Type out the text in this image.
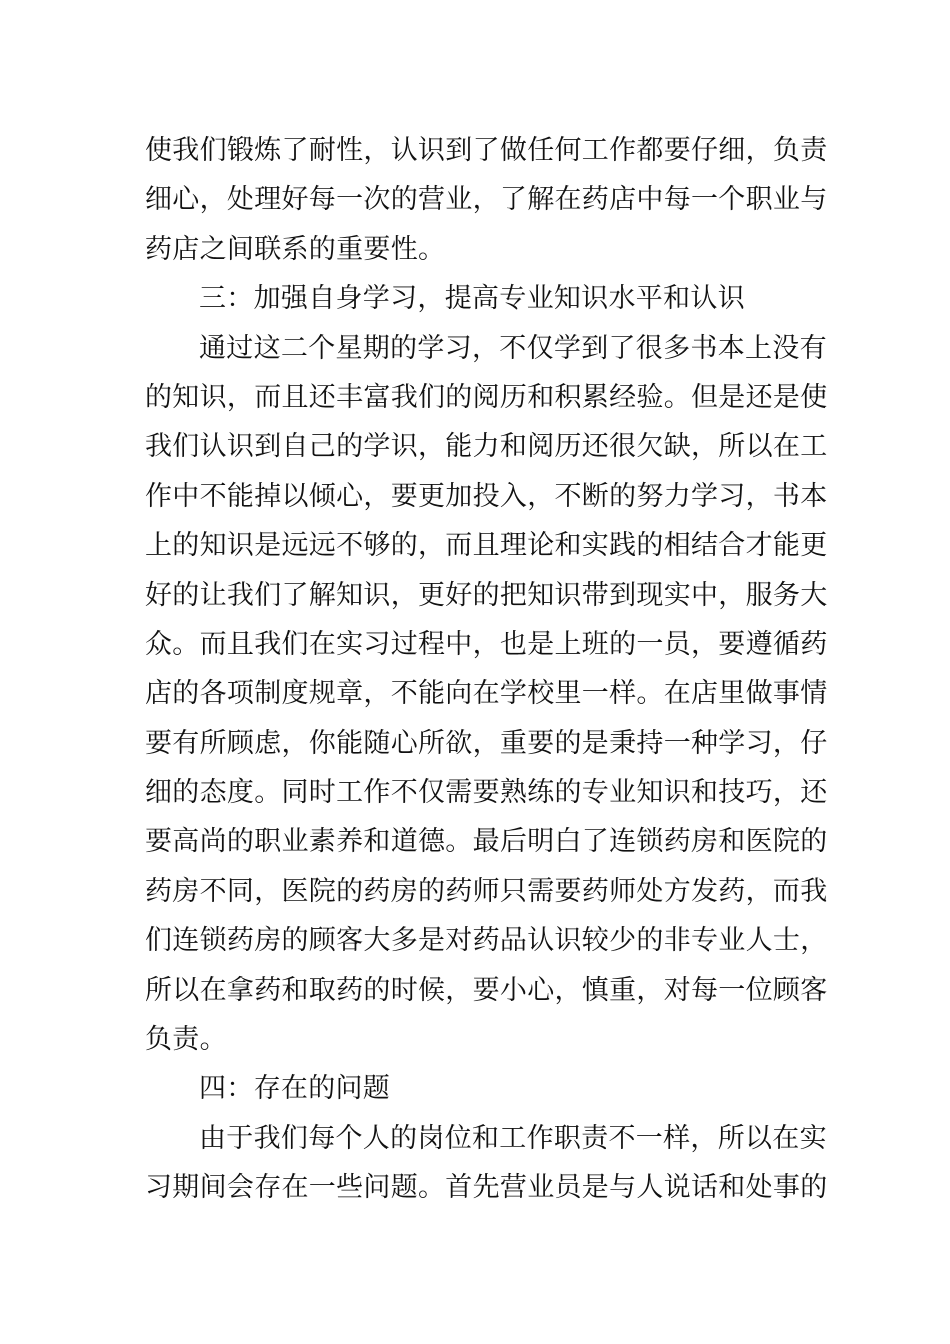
使我们锻炼了耐性，认识到了做任何工作都要仔细，负责
细心，处理好每一次的营业，了解在药店中每一个职业与
药店之间联系的重要性。
三：加强自身学习，提高专业知识水平和认识
通过这二个星期的学习，不仅学到了很多书本上没有
的知识，而且还丰富我们的阅历和积累经验。但是还是使
我们认识到自己的学识，能力和阅历还很欠缺，所以在工
作中不能掉以倾心，要更加投入，不断的努力学习，书本
上的知识是远远不够的，而且理论和实践的相结合才能更
好的让我们了解知识，更好的把知识带到现实中，服务大
众。而且我们在实习过程中，也是上班的一员，要遵循药
店的各项制度规章，不能向在学校里一样。在店里做事情
要有所顾虑，你能随心所欲，重要的是秉持一种学习，仔
细的态度。同时工作不仅需要熟练的专业知识和技巧，还
要高尚的职业素养和道德。最后明白了连锁药房和医院的
药房不同，医院的药房的药师只需要药师处方发药，而我
们连锁药房的顾客大多是对药品认识较少的非专业人士，
所以在拿药和取药的时候，要小心，慎重，对每一位顾客
负责。
四：存在的问题
由于我们每个人的岗位和工作职责不一样，所以在实
习期间会存在一些问题。首先营业员是与人说话和处事的
